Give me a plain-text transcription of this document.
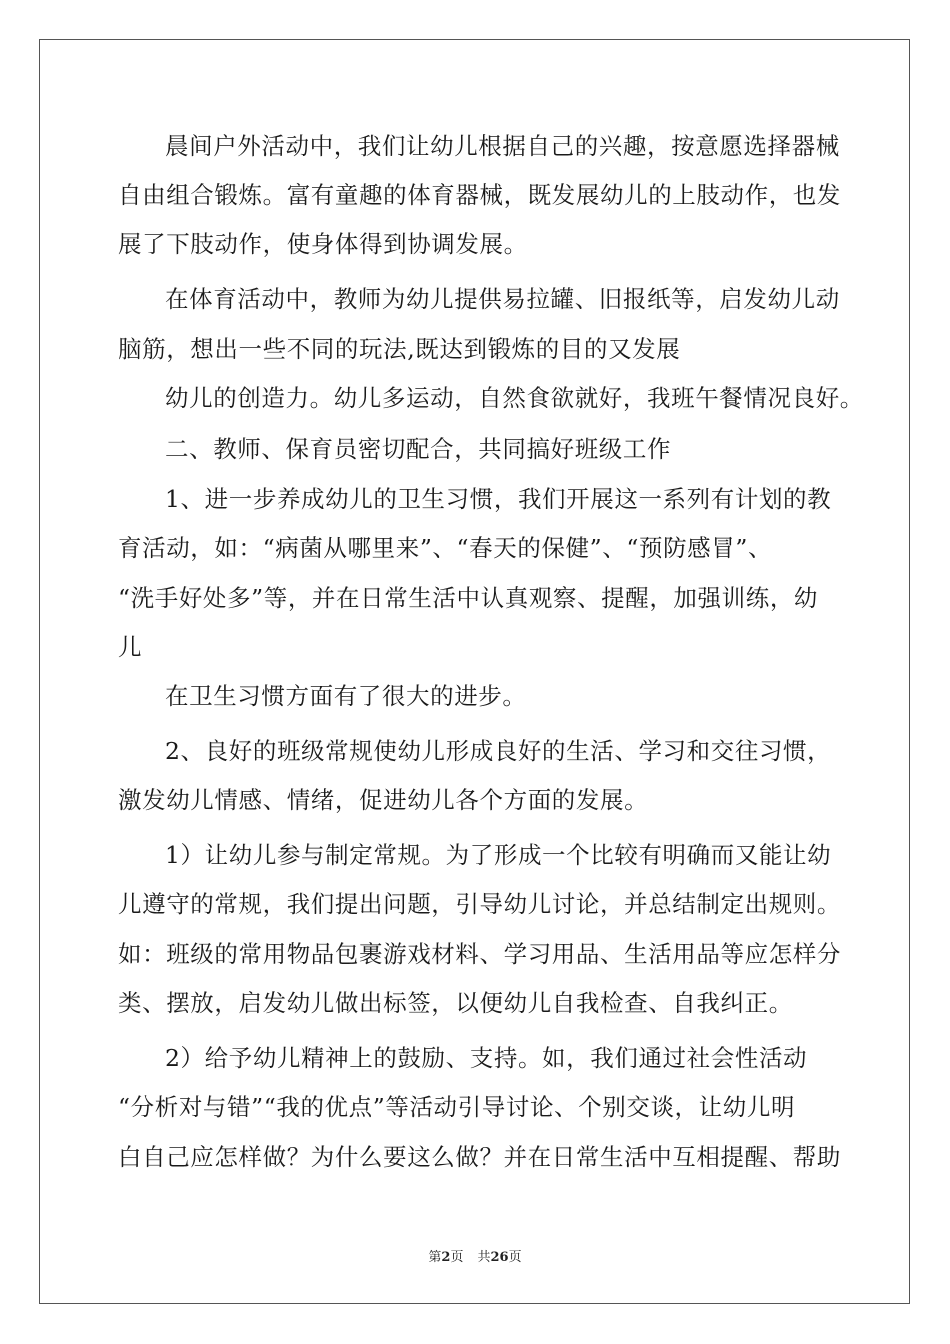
晨间户外活动中，我们让幼儿根据自己的兴趣，按意愿选择器械
自由组合锻炼。富有童趣的体育器械，既发展幼儿的上肢动作，也发
展了下肢动作，使身体得到协调发展。
在体育活动中，教师为幼儿提供易拉罐、旧报纸等，启发幼儿动
脑筋，想出一些不同的玩法,既达到锻炼的目的又发展
幼儿的创造力。幼儿多运动，自然食欲就好，我班午餐情况良好。
二、教师、保育员密切配合，共同搞好班级工作
1、进一步养成幼儿的卫生习惯，我们开展这一系列有计划的教
育活动，如：“病菌从哪里来”、“春天的保健”、“预防感冒”、
“洗手好处多”等，并在日常生活中认真观察、提醒，加强训练，幼
儿
在卫生习惯方面有了很大的进步。
2、良好的班级常规使幼儿形成良好的生活、学习和交往习惯，
激发幼儿情感、情绪，促进幼儿各个方面的发展。
1）让幼儿参与制定常规。为了形成一个比较有明确而又能让幼
儿遵守的常规，我们提出问题，引导幼儿讨论，并总结制定出规则。
如：班级的常用物品包裹游戏材料、学习用品、生活用品等应怎样分
类、摆放，启发幼儿做出标签，以便幼儿自我检查、自我纠正。
2）给予幼儿精神上的鼓励、支持。如，我们通过社会性活动
“分析对与错”“我的优点”等活动引导讨论、个别交谈，让幼儿明
白自己应怎样做？为什么要这么做？并在日常生活中互相提醒、帮助
第2页 共26页
